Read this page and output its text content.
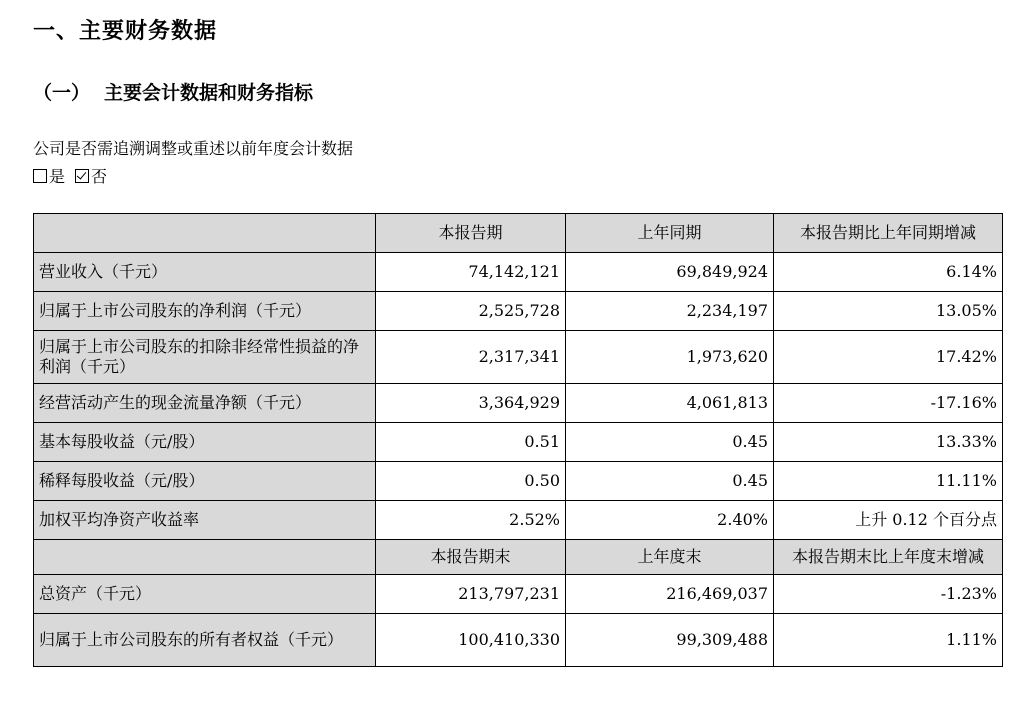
一、主要财务数据
（一） 主要会计数据和财务指标
公司是否需追溯调整或重述以前年度会计数据
是 否
	本报告期	上年同期	本报告期比上年同期增减
营业收入（千元）	74,142,121	69,849,924	6.14%
归属于上市公司股东的净利润（千元）	2,525,728	2,234,197	13.05%
归属于上市公司股东的扣除非经常性损益的净利润（千元）	2,317,341	1,973,620	17.42%
经营活动产生的现金流量净额（千元）	3,364,929	4,061,813	-17.16%
基本每股收益（元/股）	0.51	0.45	13.33%
稀释每股收益（元/股）	0.50	0.45	11.11%
加权平均净资产收益率	2.52%	2.40%	上升 0.12 个百分点
	本报告期末	上年度末	本报告期末比上年度末增减
总资产（千元）	213,797,231	216,469,037	-1.23%
归属于上市公司股东的所有者权益（千元）	100,410,330	99,309,488	1.11%
